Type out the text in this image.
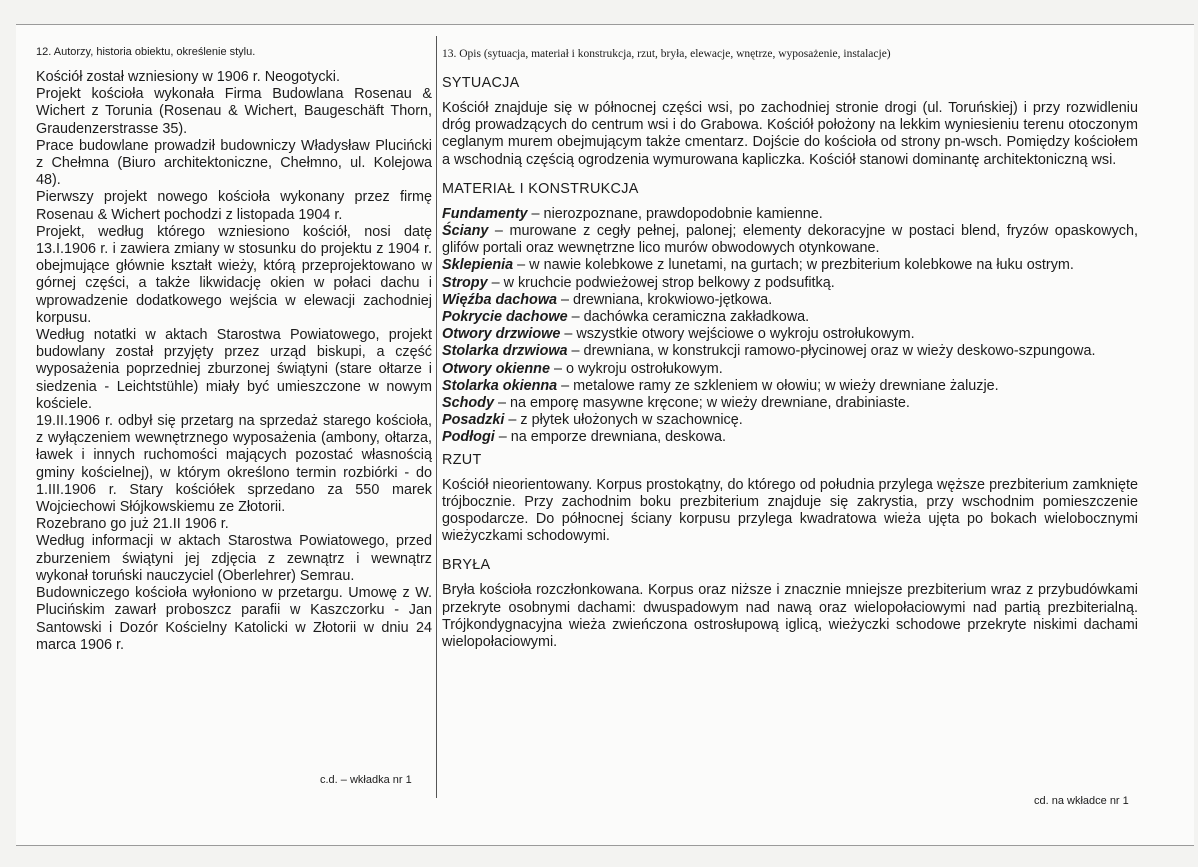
12. Autorzy, historia obiektu, określenie stylu.

Kościół został wzniesiony w 1906 r. Neogotycki.

Projekt kościoła wykonała Firma Budowlana Rosenau & Wichert z Torunia (Rosenau & Wichert, Baugeschäft Thorn, Graudenzerstrasse 35).

Prace budowlane prowadził budowniczy Władysław Plucińcki z Chełmna (Biuro architektoniczne, Chełmno, ul. Kolejowa 48).

Pierwszy projekt nowego kościoła wykonany przez firmę Rosenau & Wichert pochodzi z listopada 1904 r.

Projekt, według którego wzniesiono kościół, nosi datę 13.I.1906 r. i zawiera zmiany w stosunku do projektu z 1904 r. obejmujące głównie kształt wieży, którą przeprojektowano w górnej części, a także likwidację okien w połaci dachu i wprowadzenie dodatkowego wejścia w elewacji zachodniej korpusu.

Według notatki w aktach Starostwa Powiatowego, projekt budowlany został przyjęty przez urząd biskupi, a część wyposażenia poprzedniej zburzonej świątyni (stare ołtarze i siedzenia - Leichtstühle) miały być umieszczone w nowym kościele.

19.II.1906 r. odbył się przetarg na sprzedaż starego kościoła, z wyłączeniem wewnętrznego wyposażenia (ambony, ołtarza, ławek i innych ruchomości mających pozostać własnością gminy kościelnej), w którym określono termin rozbiórki - do 1.III.1906 r. Stary kościółek sprzedano za 550 marek Wojciechowi Słójkowskiemu ze Złotorii.

Rozebrano go już 21.II 1906 r.

Według informacji w aktach Starostwa Powiatowego, przed zburzeniem świątyni jej zdjęcia z zewnątrz i wewnątrz wykonał toruński nauczyciel (Oberlehrer) Semrau.

Budowniczego kościoła wyłoniono w przetargu. Umowę z W. Plucińskim zawarł proboszcz parafii w Kaszczorku - Jan Santowski i Dozór Kościelny Katolicki w Złotorii w dniu 24 marca 1906 r.

13. Opis (sytuacja, materiał i konstrukcja, rzut, bryła, elewacje, wnętrze, wyposażenie, instalacje)

SYTUACJA

Kościół znajduje się w północnej części wsi, po zachodniej stronie drogi (ul. Toruńskiej) i przy rozwidleniu dróg prowadzących do centrum wsi i do Grabowa. Kościół położony na lekkim wyniesieniu terenu otoczonym ceglanym murem obejmującym także cmentarz. Dojście do kościoła od strony pn-wsch. Pomiędzy kościołem a wschodnią częścią ogrodzenia wymurowana kapliczka. Kościół stanowi dominantę architektoniczną wsi.

MATERIAŁ I KONSTRUKCJA

Fundamenty – nierozpoznane, prawdopodobnie kamienne.

Ściany – murowane z cegły pełnej, palonej; elementy dekoracyjne w postaci blend, fryzów opaskowych, glifów portali oraz wewnętrzne lico murów obwodowych otynkowane.

Sklepienia – w nawie kolebkowe z lunetami, na gurtach; w prezbiterium kolebkowe na łuku ostrym.

Stropy – w kruchcie podwieżowej strop belkowy z podsufitką.

Więźba dachowa – drewniana, krokwiowo-jętkowa.

Pokrycie dachowe – dachówka ceramiczna zakładkowa.

Otwory drzwiowe – wszystkie otwory wejściowe o wykroju ostrołukowym.

Stolarka drzwiowa – drewniana, w konstrukcji ramowo-płycinowej oraz w wieży deskowo-szpungowa.

Otwory okienne – o wykroju ostrołukowym.

Stolarka okienna – metalowe ramy ze szkleniem w ołowiu; w wieży drewniane żaluzje.

Schody – na emporę masywne kręcone; w wieży drewniane, drabiniaste.

Posadzki – z płytek ułożonych w szachownicę.

Podłogi – na emporze drewniana, deskowa.

RZUT

Kościół nieorientowany. Korpus prostokątny, do którego od południa przylega węższe prezbiterium zamknięte trójbocznie. Przy zachodnim boku prezbiterium znajduje się zakrystia, przy wschodnim pomieszczenie gospodarcze. Do północnej ściany korpusu przylega kwadratowa wieża ujęta po bokach wielobocznymi wieżyczkami schodowymi.

BRYŁA

Bryła kościoła rozczłonkowana. Korpus oraz niższe i znacznie mniejsze prezbiterium wraz z przybudówkami przekryte osobnymi dachami: dwuspadowym nad nawą oraz wielopołaciowymi nad partią prezbiterialną. Trójkondygnacyjna wieża zwieńczona ostrosłupową iglicą, wieżyczki schodowe przekryte niskimi dachami wielopołaciowymi.

c.d. – wkładka nr 1
cd. na wkładce nr 1
